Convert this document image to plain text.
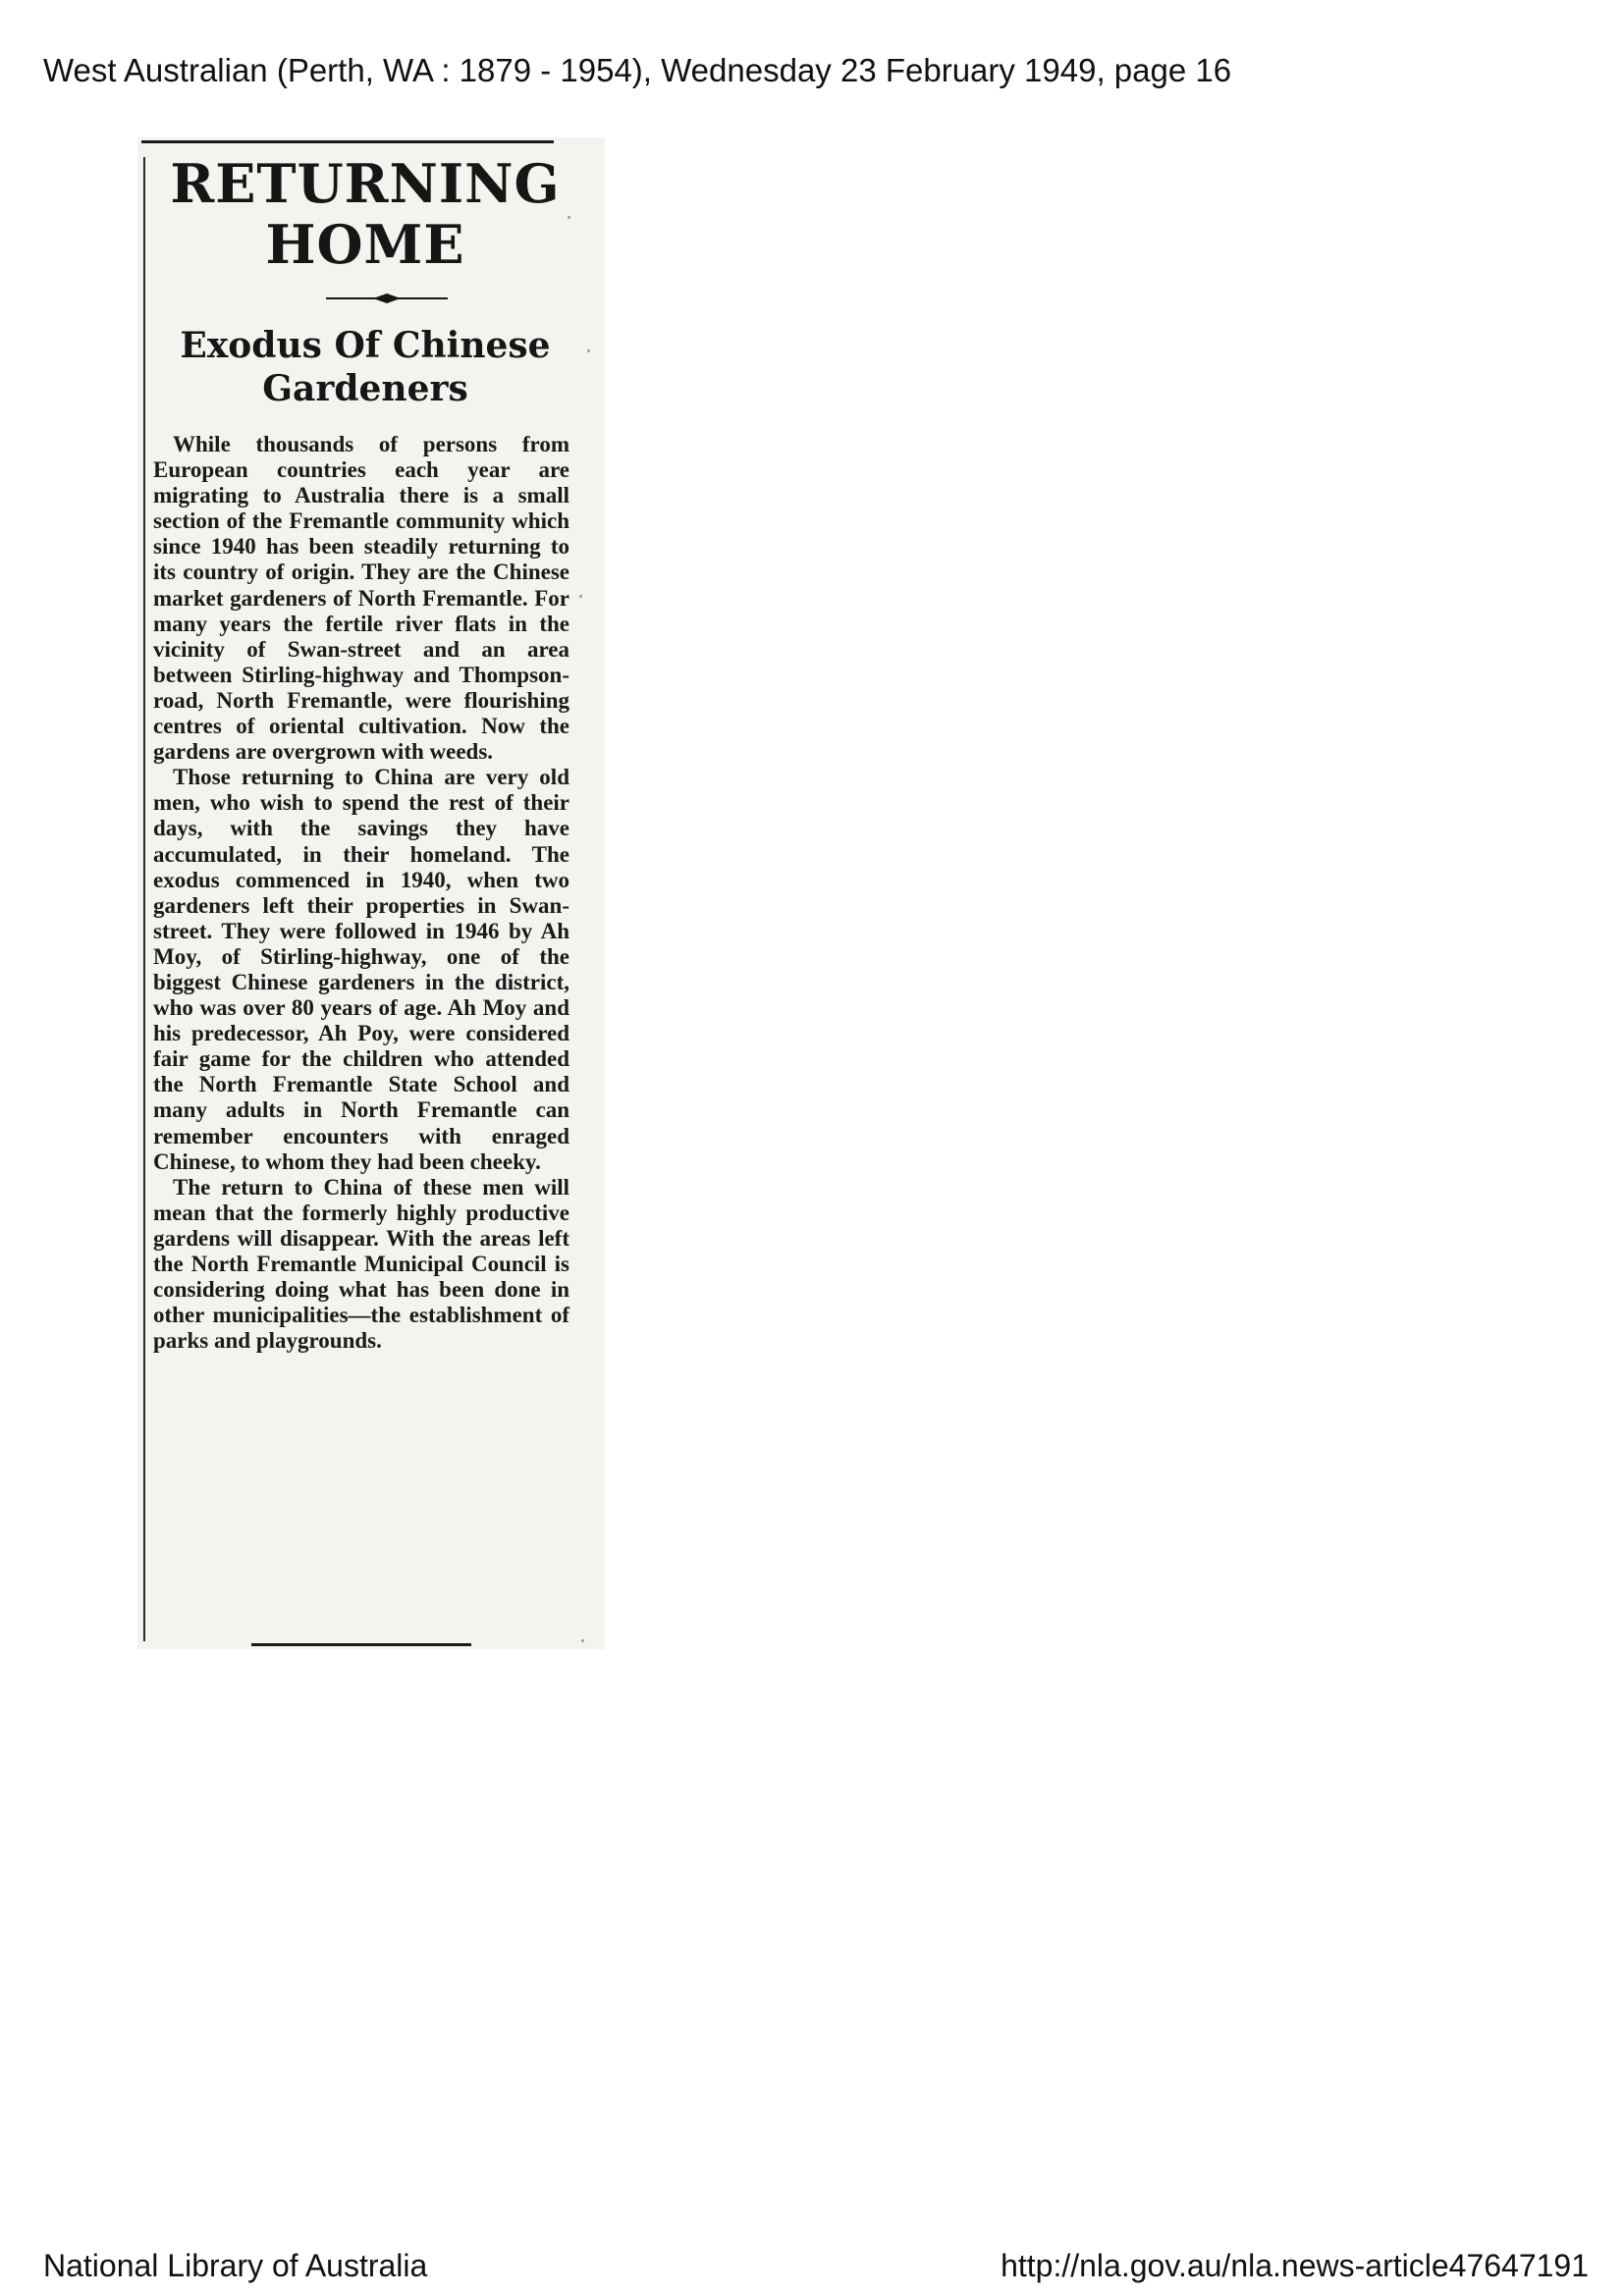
West Australian (Perth, WA : 1879 - 1954), Wednesday 23 February 1949, page 16
RETURNING
HOME
Exodus Of Chinese
Gardeners

While thousands of persons from European countries each year are migrating to Australia there is a small section of the Fremantle community which since 1940 has been steadily returning to its country of origin. They are the Chinese market gardeners of North Fremantle. For many years the fertile river flats in the vicinity of Swan-street and an area between Stirling-highway and Thompson-road, North Fremantle, were flourishing centres of oriental cultivation. Now the gardens are overgrown with weeds.

Those returning to China are very old men, who wish to spend the rest of their days, with the savings they have accumulated, in their homeland. The exodus commenced in 1940, when two gardeners left their properties in Swan-street. They were followed in 1946 by Ah Moy, of Stirling-highway, one of the biggest Chinese gardeners in the district, who was over 80 years of age. Ah Moy and his predecessor, Ah Poy, were considered fair game for the children who attended the North Fremantle State School and many adults in North Fremantle can remember encounters with enraged Chinese, to whom they had been cheeky.

The return to China of these men will mean that the formerly highly productive gardens will disappear. With the areas left the North Fremantle Municipal Council is considering doing what has been done in other municipalities—the establishment of parks and playgrounds.

National Library of Australia	http://nla.gov.au/nla.news-article47647191
